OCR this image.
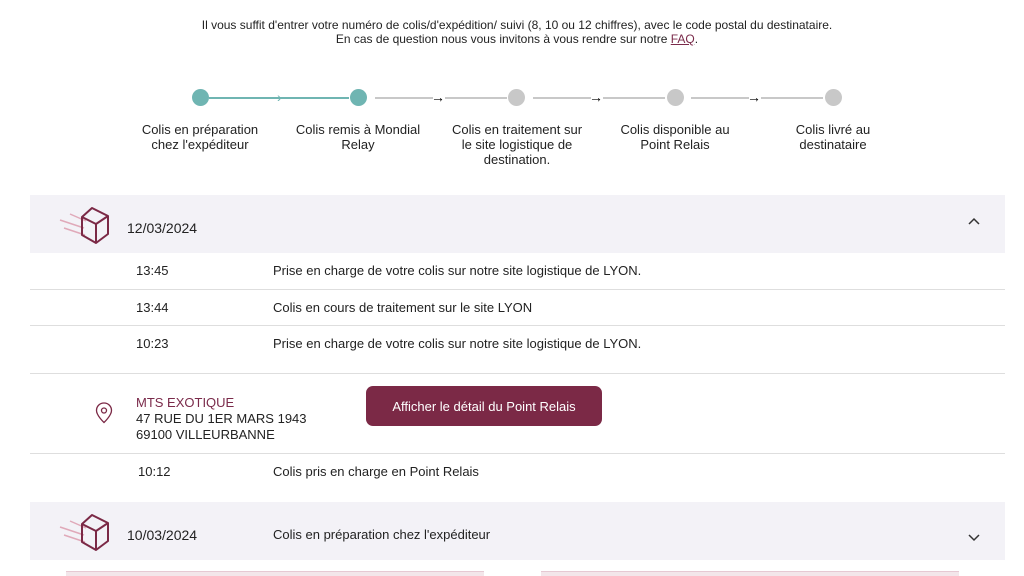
Il vous suffit d'entrer votre numéro de colis/d'expédition/ suivi (8, 10 ou 12 chiffres), avec le code postal du destinataire.
En cas de question nous vous invitons à vous rendre sur notre FAQ.
›	→	→	→
Colis en préparation chez l'expéditeur
Colis remis à Mondial Relay
Colis en traitement sur le site logistique de destination.
Colis disponible au Point Relais
Colis livré au destinataire
12/03/2024
13:45	Prise en charge de votre colis sur notre site logistique de LYON.
13:44	Colis en cours de traitement sur le site LYON
10:23	Prise en charge de votre colis sur notre site logistique de LYON.
MTS EXOTIQUE
47 RUE DU 1ER MARS 1943
69100 VILLEURBANNE
Afficher le détail du Point Relais
10:12	Colis pris en charge en Point Relais
10/03/2024	Colis en préparation chez l'expéditeur
